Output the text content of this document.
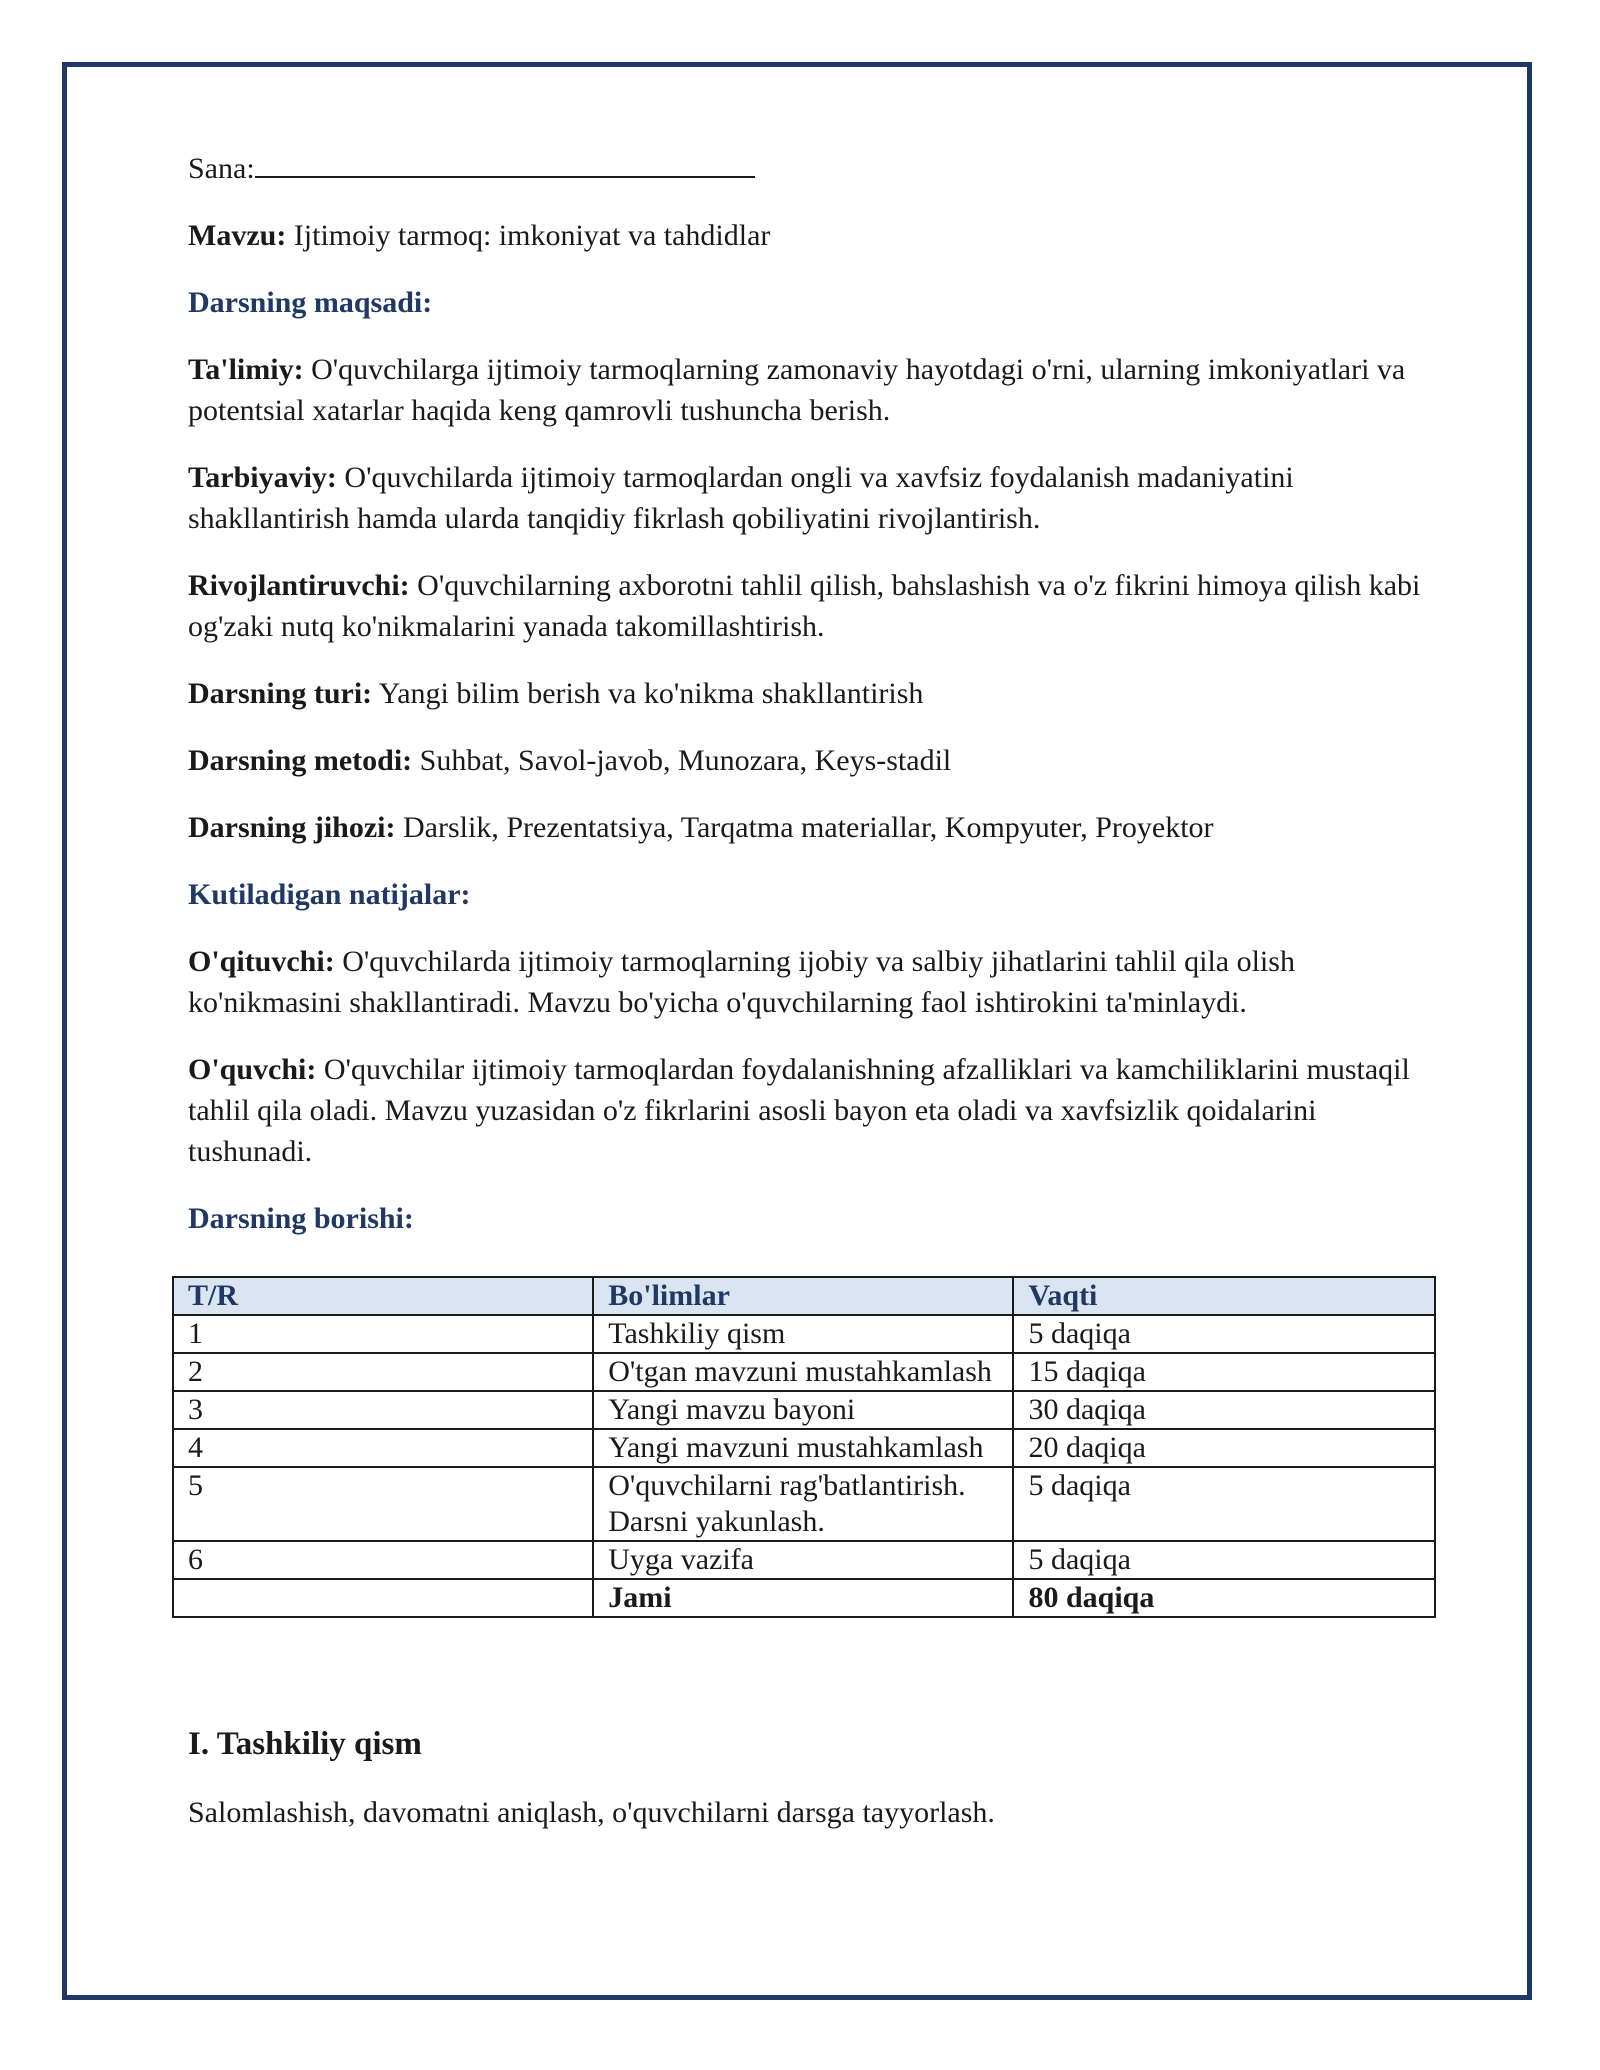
Sana:

Mavzu: Ijtimoiy tarmoq: imkoniyat va tahdidlar

Darsning maqsadi:

Ta'limiy: O'quvchilarga ijtimoiy tarmoqlarning zamonaviy hayotdagi o'rni, ularning imkoniyatlari va potentsial xatarlar haqida keng qamrovli tushuncha berish.

Tarbiyaviy: O'quvchilarda ijtimoiy tarmoqlardan ongli va xavfsiz foydalanish madaniyatini shakllantirish hamda ularda tanqidiy fikrlash qobiliyatini rivojlantirish.

Rivojlantiruvchi: O'quvchilarning axborotni tahlil qilish, bahslashish va o'z fikrini himoya qilish kabi og'zaki nutq ko'nikmalarini yanada takomillashtirish.

Darsning turi: Yangi bilim berish va ko'nikma shakllantirish

Darsning metodi: Suhbat, Savol-javob, Munozara, Keys-stadil

Darsning jihozi: Darslik, Prezentatsiya, Tarqatma materiallar, Kompyuter, Proyektor

Kutiladigan natijalar:

O'qituvchi: O'quvchilarda ijtimoiy tarmoqlarning ijobiy va salbiy jihatlarini tahlil qila olish ko'nikmasini shakllantiradi. Mavzu bo'yicha o'quvchilarning faol ishtirokini ta'minlaydi.

O'quvchi: O'quvchilar ijtimoiy tarmoqlardan foydalanishning afzalliklari va kamchiliklarini mustaqil tahlil qila oladi. Mavzu yuzasidan o'z fikrlarini asosli bayon eta oladi va xavfsizlik qoidalarini tushunadi.

Darsning borishi:
T/R	Bo'limlar	Vaqti
1	Tashkiliy qism	5 daqiqa
2	O'tgan mavzuni mustahkamlash	15 daqiqa
3	Yangi mavzu bayoni	30 daqiqa
4	Yangi mavzuni mustahkamlash	20 daqiqa
5	O'quvchilarni rag'batlantirish. Darsni yakunlash.	5 daqiqa
6	Uyga vazifa	5 daqiqa
	Jami	80 daqiqa
I. Tashkiliy qism
Salomlashish, davomatni aniqlash, o'quvchilarni darsga tayyorlash.
